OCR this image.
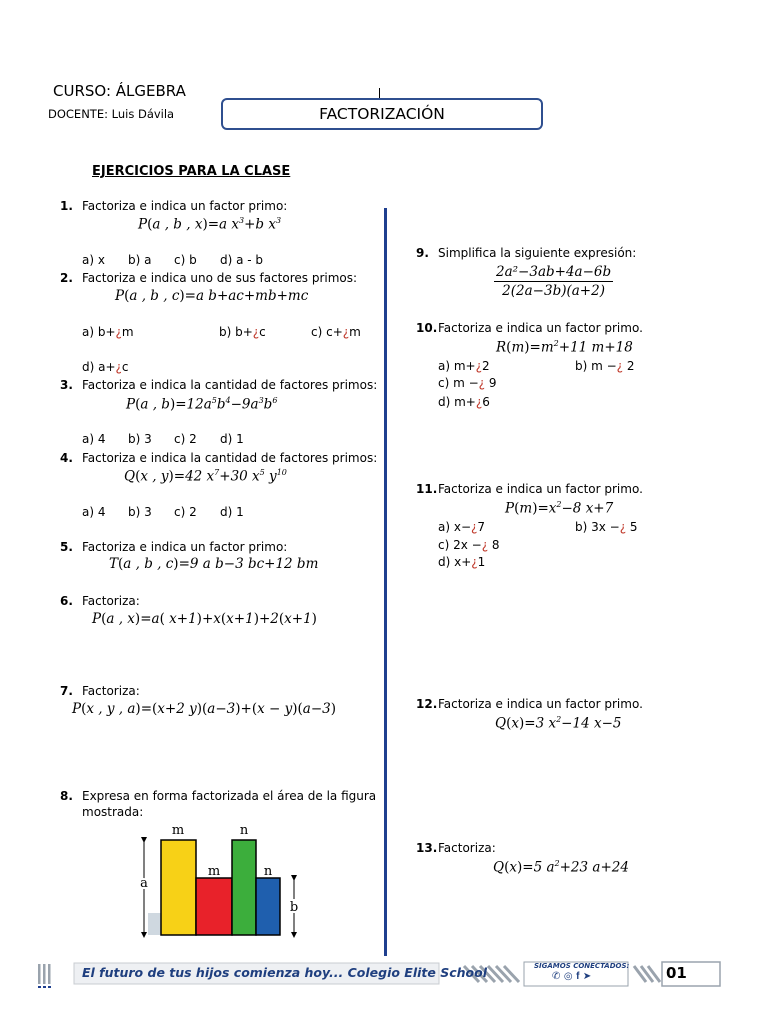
CURSO: ÁLGEBRA
DOCENTE: Luis Dávila	FACTORIZACIÓN
EJERCICIOS PARA LA CLASE
1. Factoriza e indica un factor primo:
P(a , b , x)=a $x^3+b$ $x^3$
a) x b) a c) b d) a - b
2. Factoriza e indica uno de sus factores primos:
P(a , b , c)=a b+ac+mb+mc
a) b+¿m	b) b+¿c	c) c+¿m
d) a+¿c
3. Factoriza e indica la cantidad de factores primos:
P(a , $b)=12a^5b^4-9a^3b^6$
a) 4 b) 3 c) 2 d) 1
4. Factoriza e indica la cantidad de factores primos:
Q(x , y)=42 $x^7+30$ $x^5$ $y^{10}$
a) 4 b) 3 c) 2 d) 1
5. Factoriza e indica un factor primo:
T(a , b , c)=9 a b−3 bc+12 bm
6. Factoriza:
P(a , x)=a( x+1)+x(x+1)+2(x+1)
7. Factoriza:
P(x , y , a)=(x+2 y)(a−3)+(x − y)(a−3)
8. Expresa en forma factorizada el área de la figura
mostrada:
m	n
m	n
a
b
9. Simplifica la siguiente expresión:
$\frac{\text{2a²−3ab+4a−6b}}{2(2a-3b)(a+2)}$
10.Factoriza e indica un factor primo.
$R(m)=m^2+11$ m+18
a) m+¿2	b) m −¿ 2
c) m −¿ 9
d) m+¿6
11.Factoriza e indica un factor primo.
$P(m)=x^2-8$ x+7
a) x−¿7	b) 3x −¿ 5
c) 2x −¿ 8
d) x+¿1
12.Factoriza e indica un factor primo.
Q(x)=3 $x^2-14$ x−5
13.Factoriza:
Q(x)=5 $a^2+23$ a+24
El futuro de tus hijos comienza hoy... Colegio Elite School	SIGAMOS CONECTADOS:
✆ ◎ f ➤	01
